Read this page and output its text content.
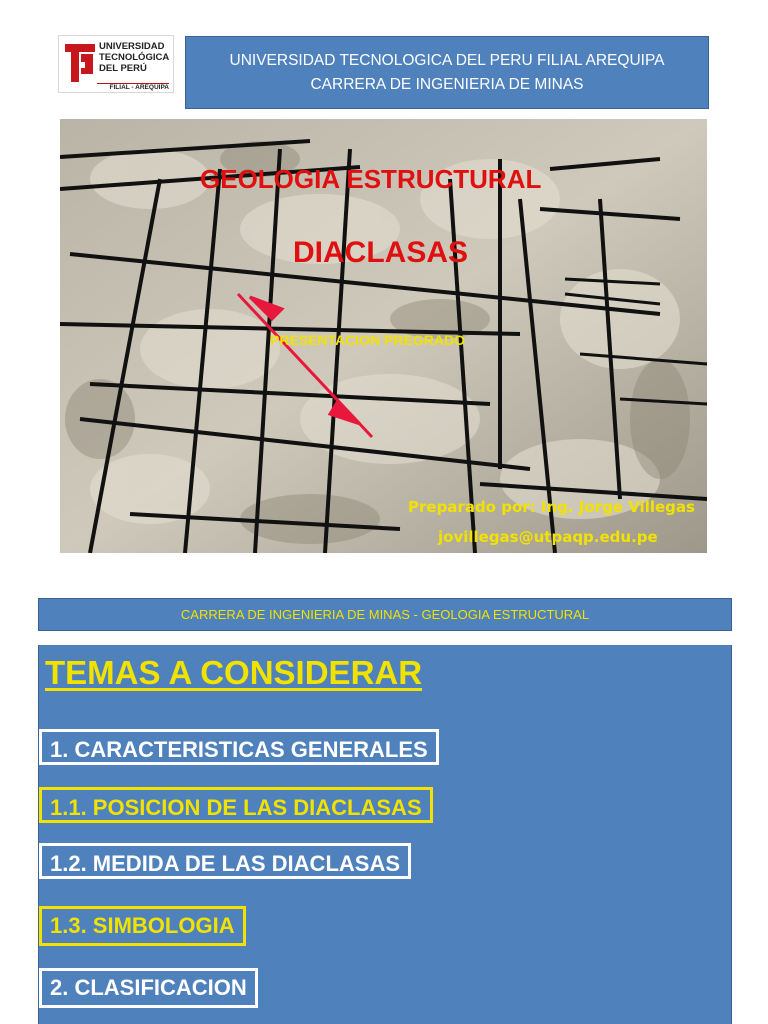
UNIVERSIDAD
TECNOLÓGICA
DEL PERÚ
FILIAL - AREQUIPA
UNIVERSIDAD TECNOLOGICA DEL PERU FILIAL AREQUIPA
CARRERA DE INGENIERIA DE MINAS
GEOLOGIA ESTRUCTURAL
DIACLASAS
PRESENTACION PREGRADO
Preparado por: Ing. Jorge Villegas
jovillegas@utpaqp.edu.pe
CARRERA DE INGENIERIA DE MINAS - GEOLOGIA ESTRUCTURAL
TEMAS A CONSIDERAR
1. CARACTERISTICAS GENERALES
1.1. POSICION DE LAS DIACLASAS
1.2. MEDIDA DE LAS DIACLASAS
1.3. SIMBOLOGIA
2. CLASIFICACION
